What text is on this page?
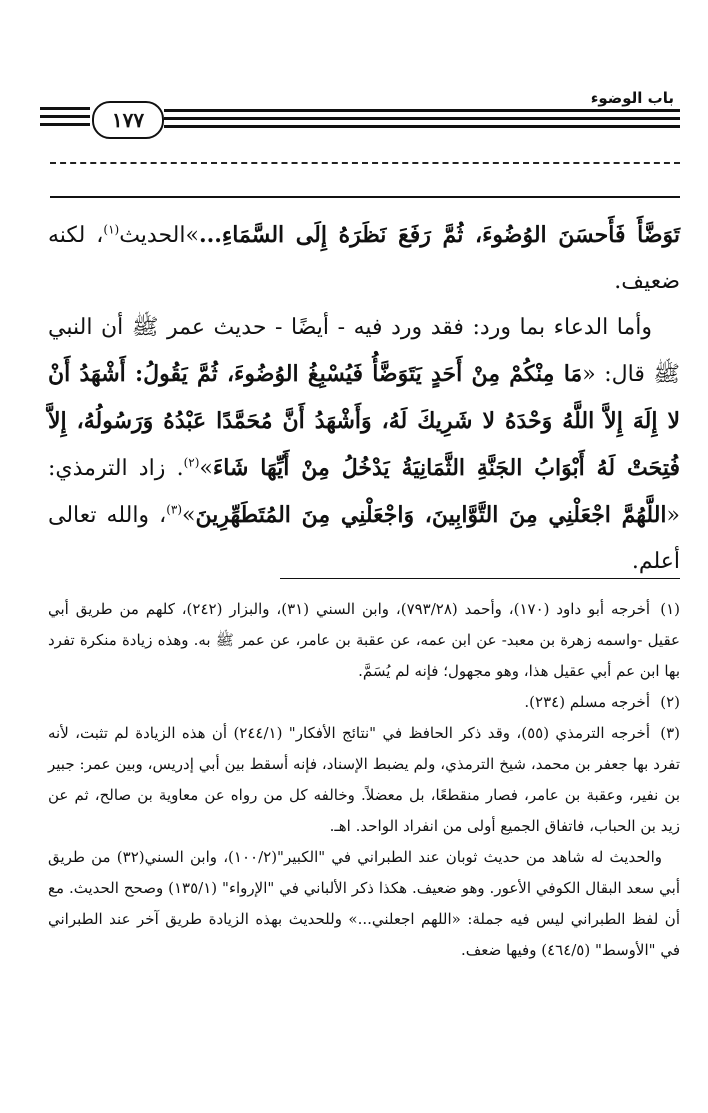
باب الوضوء
١٧٧

تَوَضَّأَ فَأَحسَنَ الوُضُوءَ، ثُمَّ رَفَعَ نَظَرَهُ إِلَى السَّمَاءِ...»الحديث$^{(١)}$، لكنه ضعيف.

وأما الدعاء بما ورد: فقد ورد فيه - أيضًا - حديث عمر ﷺ أن النبي ﷺ قال: «مَا مِنْكُمْ مِنْ أَحَدٍ يَتَوَضَّأُ فَيُسْبِغُ الوُضُوءَ، ثُمَّ يَقُولُ: أَشْهَدُ أَنْ لا إِلَهَ إِلاَّ اللَّهُ وَحْدَهُ لا شَرِيكَ لَهُ، وَأَشْهَدُ أَنَّ مُحَمَّدًا عَبْدُهُ وَرَسُولُهُ، إِلاَّ فُتِحَتْ لَهُ أَبْوَابُ الجَنَّةِ الثَّمَانِيَةُ يَدْخُلُ مِنْ أَيِّهَا شَاءَ»$^{(٢)}$. زاد الترمذي: «اللَّهُمَّ اجْعَلْنِي مِنَ التَّوَّابِينَ، وَاجْعَلْنِي مِنَ المُتَطَهِّرِينَ»$^{(٣)}$، والله تعالى أعلم.

(١)أخرجه أبو داود (١٧٠)، وأحمد (٧٩٣/٢٨)، وابن السني (٣١)، والبزار (٢٤٢)، كلهم من طريق أبي عقيل -واسمه زهرة بن معبد- عن ابن عمه، عن عقبة بن عامر، عن عمر ﷺ به. وهذه زيادة منكرة تفرد بها ابن عم أبي عقيل هذا، وهو مجهول؛ فإنه لم يُسَمَّ.

(٢)أخرجه مسلم (٢٣٤).

(٣)أخرجه الترمذي (٥٥)، وقد ذكر الحافظ في "نتائج الأفكار" (٢٤٤/١) أن هذه الزيادة لم تثبت، لأنه تفرد بها جعفر بن محمد، شيخ الترمذي، ولم يضبط الإسناد، فإنه أسقط بين أبي إدريس، وبين عمر: جبير بن نفير، وعقبة بن عامر، فصار منقطعًا، بل معضلاً. وخالفه كل من رواه عن معاوية بن صالح، ثم عن زيد بن الحباب، فاتفاق الجميع أولى من انفراد الواحد. اهـ.

والحديث له شاهد من حديث ثوبان عند الطبراني في "الكبير"(١٠٠/٢)، وابن السني(٣٢) من طريق أبي سعد البقال الكوفي الأعور. وهو ضعيف. هكذا ذكر الألباني في "الإرواء" (١٣٥/١) وصحح الحديث. مع أن لفظ الطبراني ليس فيه جملة: «اللهم اجعلني...» وللحديث بهذه الزيادة طريق آخر عند الطبراني في "الأوسط" (٤٦٤/٥) وفيها ضعف.
